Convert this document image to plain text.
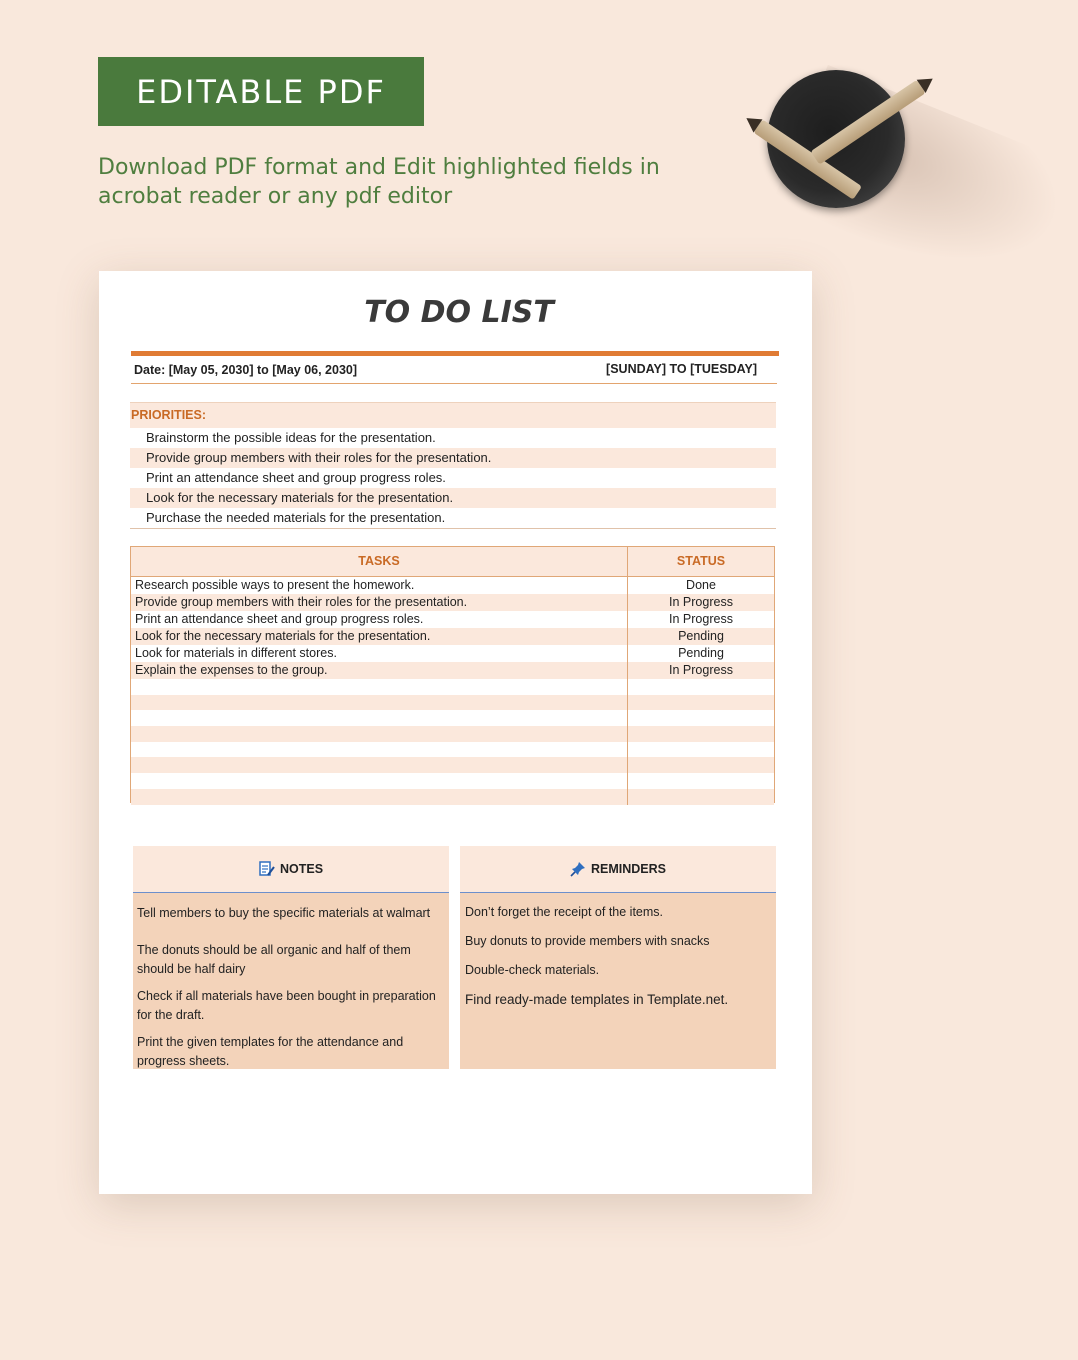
EDITABLE PDF
Download PDF format and Edit highlighted fields in
acrobat reader or any pdf editor
TO DO LIST
Date: [May 05, 2030] to [May 06, 2030]	[SUNDAY] TO [TUESDAY]
PRIORITIES:
Brainstorm the possible ideas for the presentation.
Provide group members with their roles for the presentation.
Print an attendance sheet and group progress roles.
Look for the necessary materials for the presentation.
Purchase the needed materials for the presentation.
TASKS	STATUS
Research possible ways to present the homework.	Done
Provide group members with their roles for the presentation.	In Progress
Print an attendance sheet and group progress roles.	In Progress
Look for the necessary materials for the presentation.	Pending
Look for materials in different stores.	Pending
Explain the expenses to the group.	In Progress
NOTES
Tell members to buy the specific materials at walmart
The donuts should be all organic and half of them should be half dairy
Check if all materials have been bought in preparation for the draft.
Print the given templates for the attendance and progress sheets.
REMINDERS
Don’t forget the receipt of the items.
Buy donuts to provide members with snacks
Double-check materials.
Find ready-made templates in Template.net.
